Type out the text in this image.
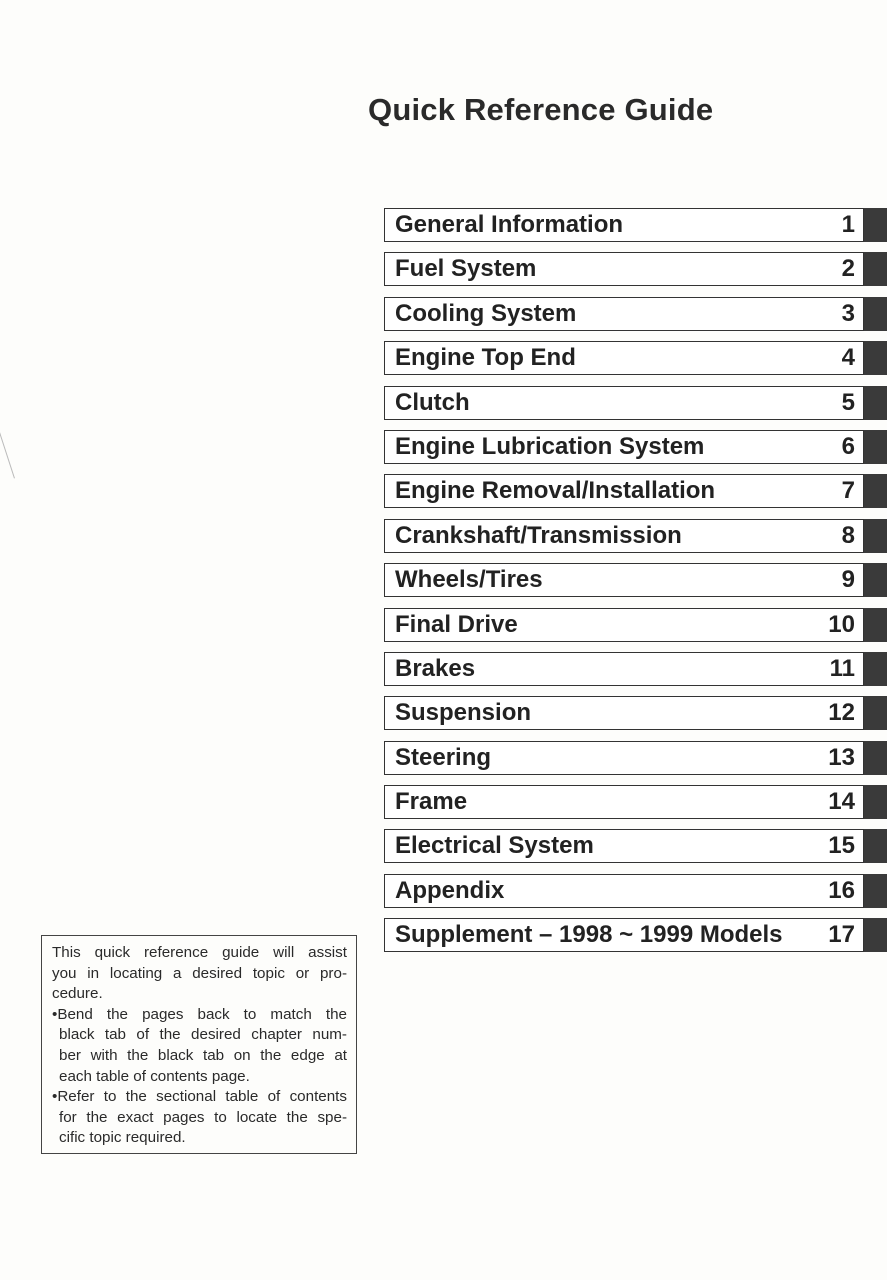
Quick Reference Guide
General Information	1
Fuel System	2
Cooling System	3
Engine Top End	4
Clutch	5
Engine Lubrication System	6
Engine Removal/Installation	7
Crankshaft/Transmission	8
Wheels/Tires	9
Final Drive	10
Brakes	11
Suspension	12
Steering	13
Frame	14
Electrical System	15
Appendix	16
Supplement – 1998 ~ 1999 Models 17
This quick reference guide will assist
you in locating a desired topic or pro-
cedure.
•Bend the pages back to match the
black tab of the desired chapter num-
ber with the black tab on the edge at
each table of contents page.
•Refer to the sectional table of contents
for the exact pages to locate the spe-
cific topic required.
